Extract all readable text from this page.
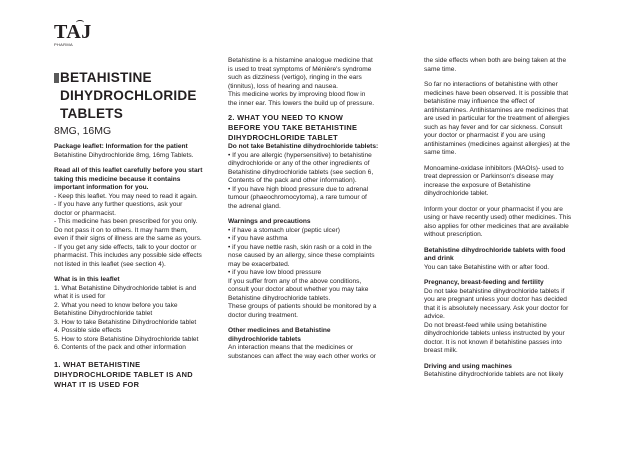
TAJ
PHARMA
BETAHISTINE
DIHYDROCHLORIDE
TABLETS
8MG, 16MG
Package leaflet: Information for the patient
Betahistine Dihydrochloride 8mg, 16mg Tablets.
Read all of this leaflet carefully before you start
taking this medicine because it contains
important information for you.
- Keep this leaflet. You may need to read it again.
- If you have any further questions, ask your
doctor or pharmacist.
- This medicine has been prescribed for you only.
Do not pass it on to others. It may harm them,
even if their signs of illness are the same as yours.
- If you get any side effects, talk to your doctor or
pharmacist. This includes any possible side effects
not listed in this leaflet (see section 4).
What is in this leaflet
1. What Betahistine Dihydrochloride tablet is and
what it is used for
2. What you need to know before you take
Betahistine Dihydrochloride tablet
3. How to take Betahistine Dihydrochloride tablet
4. Possible side effects
5. How to store Betahistine Dihydrochloride tablet
6. Contents of the pack and other information
1. WHAT BETAHISTINE
DIHYDROCHLORIDE TABLET IS AND
WHAT IT IS USED FOR
Betahistine is a histamine analogue medicine that
is used to treat symptoms of Ménière's syndrome
such as dizziness (vertigo), ringing in the ears
(tinnitus), loss of hearing and nausea.
This medicine works by improving blood flow in
the inner ear. This lowers the build up of pressure.
2. WHAT YOU NEED TO KNOW
BEFORE YOU TAKE BETAHISTINE
DIHYDROCHLORIDE TABLET
Do not take Betahistine dihydrochloride tablets:
• If you are allergic (hypersensitive) to betahistine
dihydrochloride or any of the other ingredients of
Betahistine dihydrochloride tablets (see section 6,
Contents of the pack and other information).
• If you have high blood pressure due to adrenal
tumour (phaeochromocytoma), a rare tumour of
the adrenal gland.
Warnings and precautions
• if have a stomach ulcer (peptic ulcer)
• if you have asthma
• if you have nettle rash, skin rash or a cold in the
nose caused by an allergy, since these complaints
may be exacerbated.
• if you have low blood pressure
If you suffer from any of the above conditions,
consult your doctor about whether you may take
Betahistine dihydrochloride tablets.
These groups of patients should be monitored by a
doctor during treatment.
Other medicines and Betahistine
dihydrochloride tablets
An interaction means that the medicines or
substances can affect the way each other works or
the side effects when both are being taken at the
same time.
So far no interactions of betahistine with other
medicines have been observed. It is possible that
betahistine may influence the effect of
antihistamines. Antihistamines are medicines that
are used in particular for the treatment of allergies
such as hay fever and for car sickness. Consult
your doctor or pharmacist if you are using
antihistamines (medicines against allergies) at the
same time.
Monoamine-oxidase inhibitors (MAOIs)- used to
treat depression or Parkinson's disease may
increase the exposure of Betahistine
dihydrochloride tablet.
Inform your doctor or your pharmacist if you are
using or have recently used) other medicines. This
also applies for other medicines that are available
without prescription.
Betahistine dihydrochloride tablets with food
and drink
You can take Betahistine with or after food.
Pregnancy, breast-feeding and fertility
Do not take betahistine dihydrochloride tablets if
you are pregnant unless your doctor has decided
that it is absolutely necessary. Ask your doctor for
advice.
Do not breast-feed while using betahistine
dihydrochloride tablets unless instructed by your
doctor. It is not known if betahistine passes into
breast milk.
Driving and using machines
Betahistine dihydrochloride tablets are not likely
